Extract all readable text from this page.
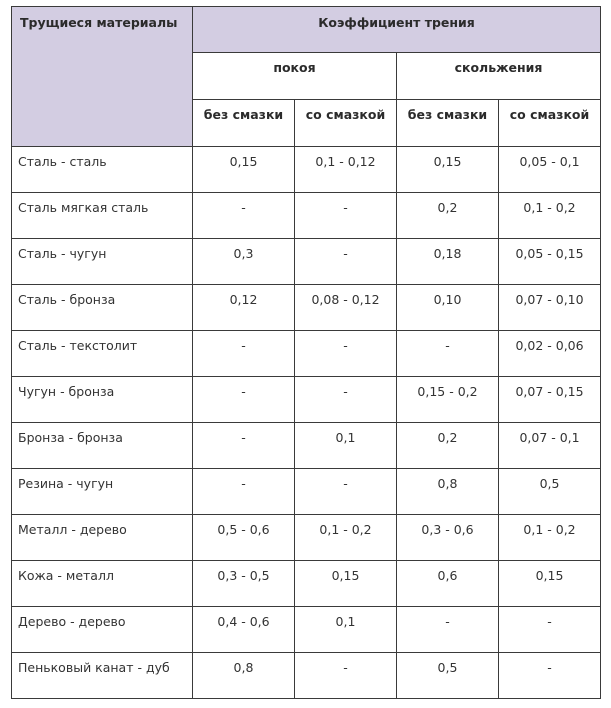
Трущиеся материалы	Коэффициент трения			
	покоя		скольжения	
	без смазки	со смазкой	без смазки	со смазкой
Сталь - сталь	0,15	0,1 - 0,12	0,15	0,05 - 0,1
Сталь мягкая сталь	-	-	0,2	0,1 - 0,2
Сталь - чугун	0,3	-	0,18	0,05 - 0,15
Сталь - бронза	0,12	0,08 - 0,12	0,10	0,07 - 0,10
Сталь - текстолит	-	-	-	0,02 - 0,06
Чугун - бронза	-	-	0,15 - 0,2	0,07 - 0,15
Бронза - бронза	-	0,1	0,2	0,07 - 0,1
Резина - чугун	-	-	0,8	0,5
Металл - дерево	0,5 - 0,6	0,1 - 0,2	0,3 - 0,6	0,1 - 0,2
Кожа - металл	0,3 - 0,5	0,15	0,6	0,15
Дерево - дерево	0,4 - 0,6	0,1	-	-
Пеньковый канат - дуб	0,8	-	0,5	-
